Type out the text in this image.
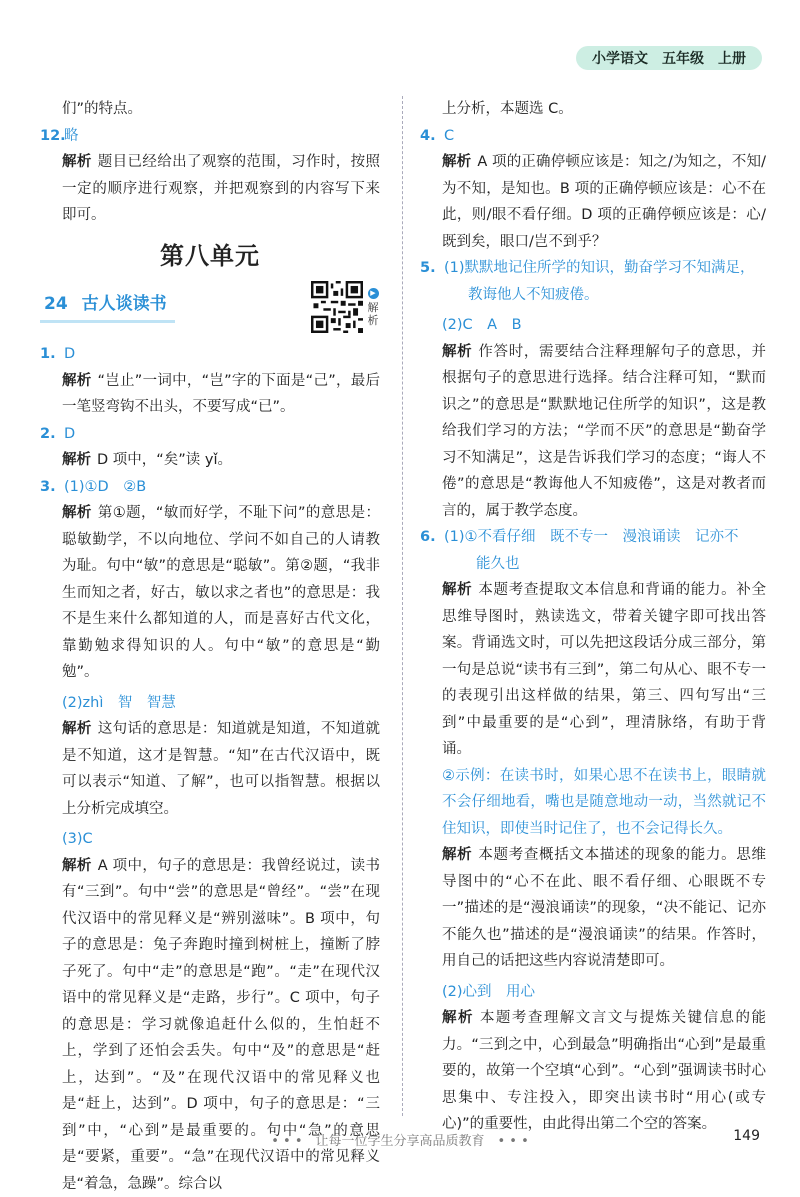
小学语文 五年级 上册

们”的特点。

12.略

解析 题目已经给出了观察的范围，习作时，按照一定的顺序进行观察，并把观察到的内容写下来即可。

第八单元
24 古人谈读书
▶
解
析

1. D

解析 “岂止”一词中，“岂”字的下面是“己”，最后一笔竖弯钩不出头，不要写成“已”。

2. D

解析 D 项中，“矣”读 yǐ。

3. (1)①D　②B

解析 第①题，“敏而好学，不耻下问”的意思是：聪敏勤学，不以向地位、学问不如自己的人请教为耻。句中“敏”的意思是“聪敏”。第②题，“我非生而知之者，好古，敏以求之者也”的意思是：我不是生来什么都知道的人，而是喜好古代文化，靠勤勉求得知识的人。句中“敏”的意思是“勤勉”。

(2)zhì　智　智慧

解析 这句话的意思是：知道就是知道，不知道就是不知道，这才是智慧。“知”在古代汉语中，既可以表示“知道、了解”，也可以指智慧。根据以上分析完成填空。

(3)C

解析 A 项中，句子的意思是：我曾经说过，读书有“三到”。句中“尝”的意思是“曾经”。“尝”在现代汉语中的常见释义是“辨别滋味”。B 项中，句子的意思是：兔子奔跑时撞到树桩上，撞断了脖子死了。句中“走”的意思是“跑”。“走”在现代汉语中的常见释义是“走路，步行”。C 项中，句子的意思是：学习就像追赶什么似的，生怕赶不上，学到了还怕会丢失。句中“及”的意思是“赶上，达到”。“及”在现代汉语中的常见释义也是“赶上，达到”。D 项中，句子的意思是：“三到”中，“心到”是最重要的。句中“急”的意思是“要紧，重要”。“急”在现代汉语中的常见释义是“着急，急躁”。综合以

上分析，本题选 C。

4. C

解析 A 项的正确停顿应该是：知之/为知之，不知/为不知，是知也。B 项的正确停顿应该是：心不在此，则/眼不看仔细。D 项的正确停顿应该是：心/既到矣，眼口/岂不到乎？

5. (1)默默地记住所学的知识，勤奋学习不知满足，

教诲他人不知疲倦。

(2)C　A　B

解析 作答时，需要结合注释理解句子的意思，并根据句子的意思进行选择。结合注释可知，“默而识之”的意思是“默默地记住所学的知识”，这是教给我们学习的方法；“学而不厌”的意思是“勤奋学习不知满足”，这是告诉我们学习的态度；“诲人不倦”的意思是“教诲他人不知疲倦”，这是对教者而言的，属于教学态度。

6. (1)①不看仔细　既不专一　漫浪诵读　记亦不

能久也

解析 本题考查提取文本信息和背诵的能力。补全思维导图时，熟读选文，带着关键字即可找出答案。背诵选文时，可以先把这段话分成三部分，第一句是总说“读书有三到”，第二句从心、眼不专一的表现引出这样做的结果，第三、四句写出“三到”中最重要的是“心到”，理清脉络，有助于背诵。

②示例：在读书时，如果心思不在读书上，眼睛就不会仔细地看，嘴也是随意地动一动，当然就记不住知识，即使当时记住了，也不会记得长久。

解析 本题考查概括文本描述的现象的能力。思维导图中的“心不在此、眼不看仔细、心眼既不专一”描述的是“漫浪诵读”的现象，“决不能记、记亦不能久也”描述的是“漫浪诵读”的结果。作答时，用自己的话把这些内容说清楚即可。

(2)心到　用心

解析 本题考查理解文言文与提炼关键信息的能力。“三到之中，心到最急”明确指出“心到”是最重要的，故第一个空填“心到”。“心到”强调读书时心思集中、专注投入，即突出读书时“用心(或专心)”的重要性，由此得出第二个空的答案。

• • •　让每一位学生分享高品质教育　• • •	149
